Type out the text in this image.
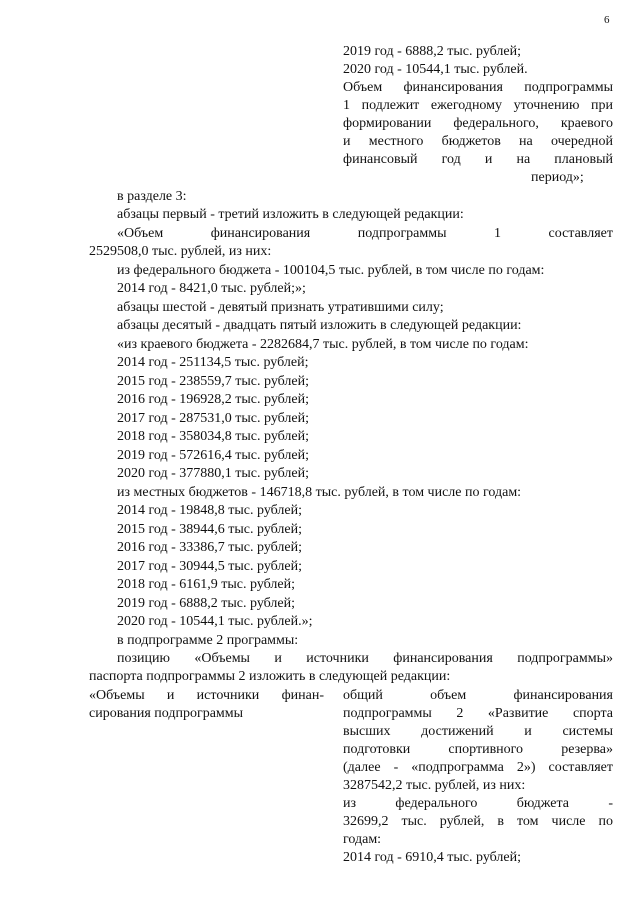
6
2019 год - 6888,2 тыс. рублей;
2020 год - 10544,1 тыс. рублей.
Объем финансирования подпрограммы
1 подлежит ежегодному уточнению при
формировании федерального, краевого
и местного бюджетов на очередной
финансовый год и на плановый
период»;
в разделе 3:
абзацы первый - третий изложить в следующей редакции:
«Объем финансирования подпрограммы 1 составляет
2529508,0 тыс. рублей, из них:
из федерального бюджета - 100104,5 тыс. рублей, в том числе по годам:
2014 год - 8421,0 тыс. рублей;»;
абзацы шестой - девятый признать утратившими силу;
абзацы десятый - двадцать пятый изложить в следующей редакции:
«из краевого бюджета - 2282684,7 тыс. рублей, в том числе по годам:
2014 год - 251134,5 тыс. рублей;
2015 год - 238559,7 тыс. рублей;
2016 год - 196928,2 тыс. рублей;
2017 год - 287531,0 тыс. рублей;
2018 год - 358034,8 тыс. рублей;
2019 год - 572616,4 тыс. рублей;
2020 год - 377880,1 тыс. рублей;
из местных бюджетов - 146718,8 тыс. рублей, в том числе по годам:
2014 год - 19848,8 тыс. рублей;
2015 год - 38944,6 тыс. рублей;
2016 год - 33386,7 тыс. рублей;
2017 год - 30944,5 тыс. рублей;
2018 год - 6161,9 тыс. рублей;
2019 год - 6888,2 тыс. рублей;
2020 год - 10544,1 тыс. рублей.»;
в подпрограмме 2 программы:
позицию «Объемы и источники финансирования подпрограммы»
паспорта подпрограммы 2 изложить в следующей редакции:
«Объемы и источники финан-
сирования подпрограммы
общий объем финансирования
подпрограммы 2 «Развитие спорта
высших достижений и системы
подготовки спортивного резерва»
(далее - «подпрограмма 2») составляет
3287542,2 тыс. рублей, из них:
из федерального бюджета -
32699,2 тыс. рублей, в том числе по
годам:
2014 год - 6910,4 тыс. рублей;
